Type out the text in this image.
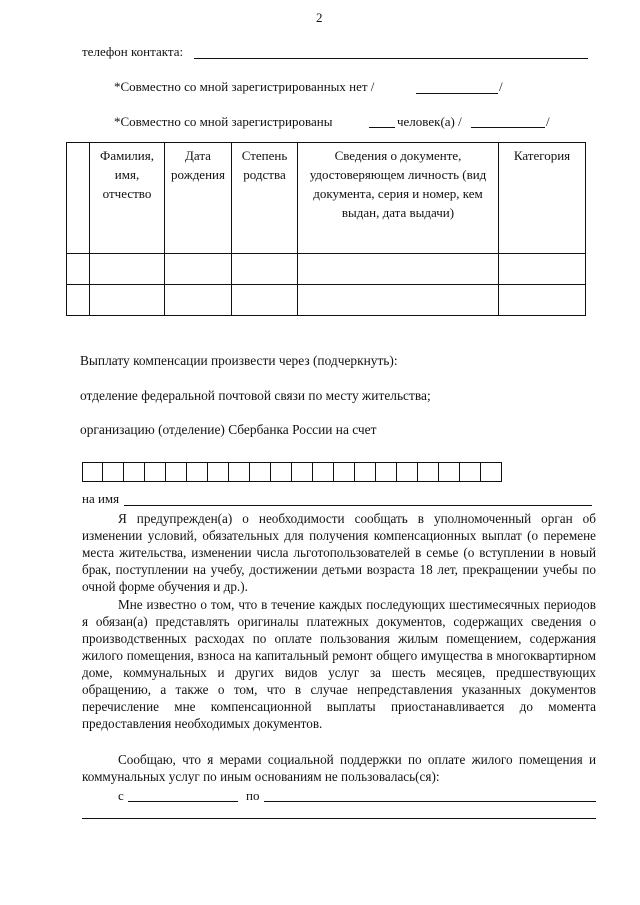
2
телефон контакта:
*Совместно со мной зарегистрированных нет /	/
*Совместно со мной зарегистрированы	человек(а) /	/
	Фамилия, имя, отчество	Дата рождения	Степень родства	Сведения о документе, удостоверяющем личность (вид документа, серия и номер, кем выдан, дата выдачи)	Категория

Выплату компенсации произвести через (подчеркнуть):
отделение федеральной почтовой связи по месту жительства;
организацию (отделение) Сбербанка России на счет
на имя

Я предупрежден(а) о необходимости сообщать в уполномоченный орган об изменении условий, обязательных для получения компенсационных выплат (о перемене места жительства, изменении числа льготопользователей в семье (о вступлении в новый брак, поступлении на учебу, достижении детьми возраста 18 лет, прекращении учебы по очной форме обучения и др.).

Мне известно о том, что в течение каждых последующих шестимесячных периодов я обязан(а) представлять оригиналы платежных документов, содержащих сведения о производственных расходах по оплате пользования жилым помещением, содержания жилого помещения, взноса на капитальный ремонт общего имущества в многоквартирном доме, коммунальных и других видов услуг за шесть месяцев, предшествующих обращению, а также о том, что в случае непредставления указанных документов перечисление мне компенсационной выплаты приостанавливается до момента предоставления необходимых документов.

Сообщаю, что я мерами социальной поддержки по оплате жилого помещения и коммунальных услуг по иным основаниям не пользовалась(ся):

с	по
